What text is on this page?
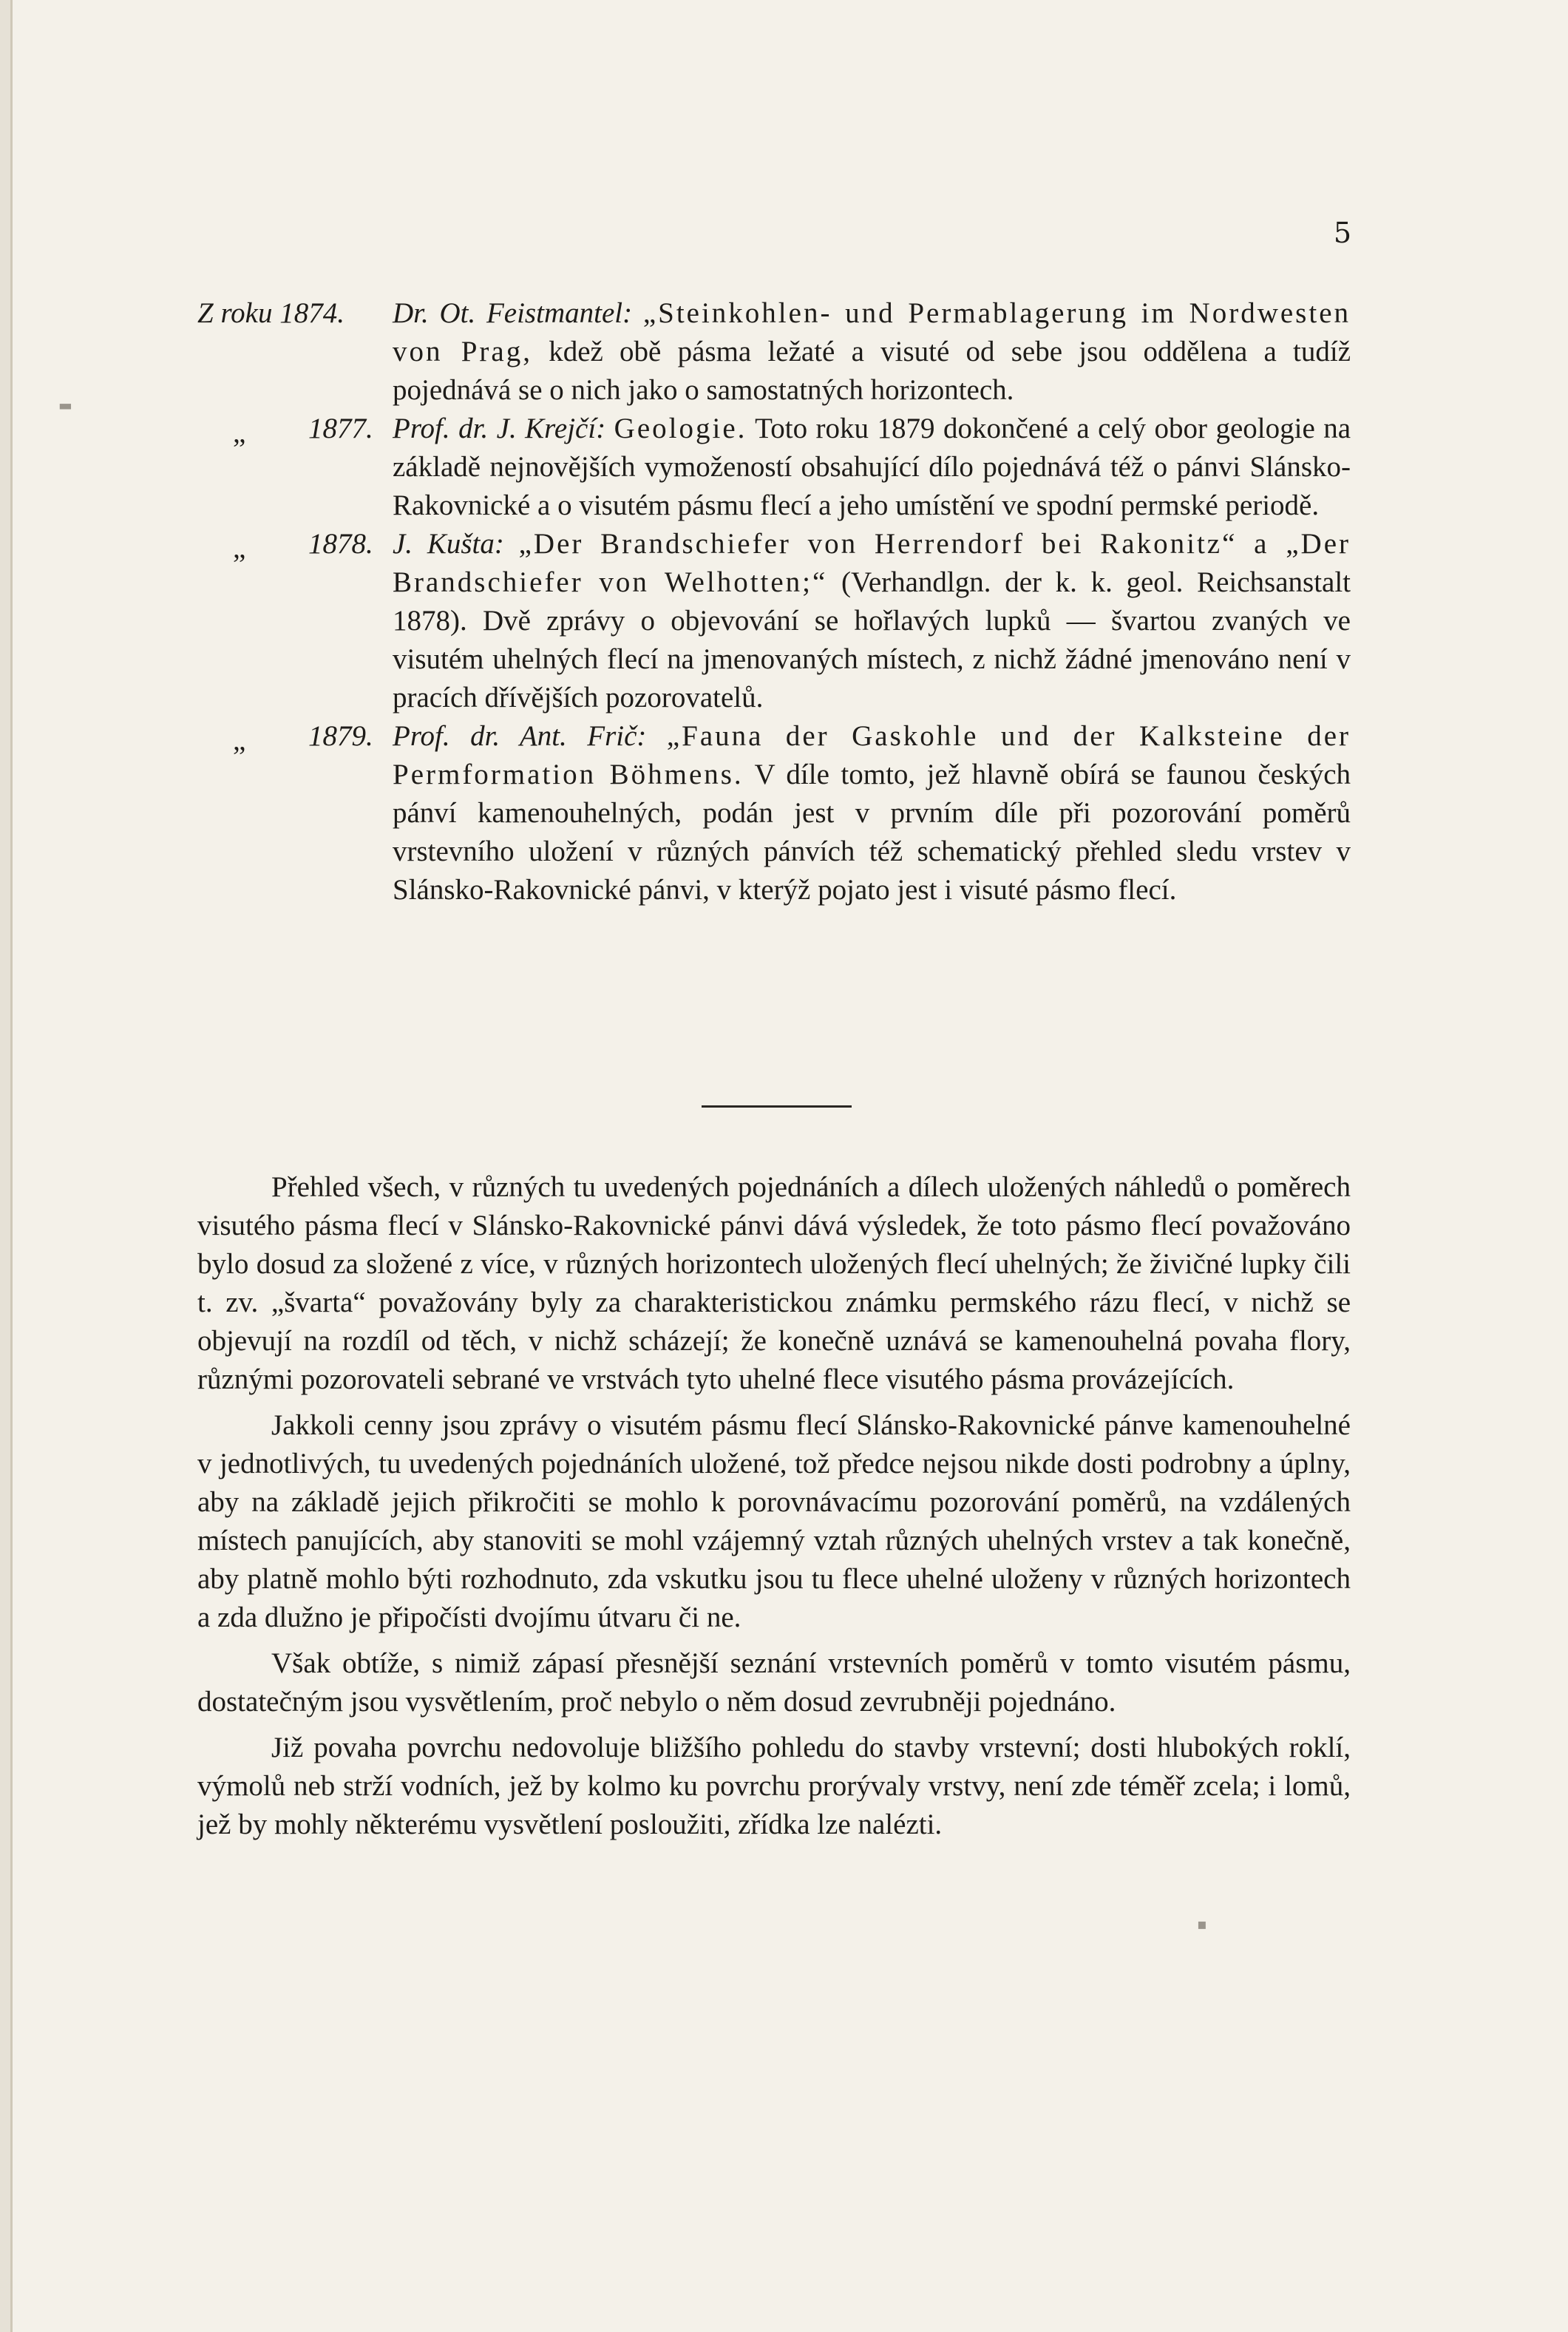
▬
▪
5
Z roku 1874.	Dr. Ot. Feistmantel: „Steinkohlen- und Permablagerung im Nordwesten von Prag, kdež obě pásma ležaté a visuté od sebe jsou oddělena a tudíž pojednává se o nich jako o samostatných horizontech.
„ 1877. Prof. dr. J. Krejčí: Geologie. Toto roku 1879 dokončené a celý obor geologie na základě nejnovějších vymožeností obsahující dílo pojednává též o pánvi Slánsko-Rakovnické a o visutém pásmu flecí a jeho umístění ve spodní permské periodě.
„ 1878. J. Kušta: „Der Brandschiefer von Herrendorf bei Rakonitz“ a „Der Brandschiefer von Welhotten;“ (Verhandlgn. der k. k. geol. Reichsanstalt 1878). Dvě zprávy o objevování se hořlavých lupků — švartou zvaných ve visutém uhelných flecí na jmenovaných místech, z nichž žádné jmenováno není v pracích dřívějších pozorovatelů.
„ 1879. Prof. dr. Ant. Frič: „Fauna der Gaskohle und der Kalksteine der Permformation Böhmens. V díle tomto, jež hlavně obírá se faunou českých pánví kamenouhelných, podán jest v prvním díle při pozorování poměrů vrstevního uložení v různých pánvích též schematický přehled sledu vrstev v Slánsko-Rakovnické pánvi, v kterýž pojato jest i visuté pásmo flecí.

Přehled všech, v různých tu uvedených pojednáních a dílech uložených náhledů o poměrech visutého pásma flecí v Slánsko-Rakovnické pánvi dává výsledek, že toto pásmo flecí považováno bylo dosud za složené z více, v různých horizontech uložených flecí uhelných; že živičné lupky čili t. zv. „švarta“ považovány byly za charakteristickou známku permského rázu flecí, v nichž se objevují na rozdíl od těch, v nichž scházejí; že konečně uznává se kamenouhelná povaha flory, různými pozorovateli sebrané ve vrstvách tyto uhelné flece visutého pásma provázejících.

Jakkoli cenny jsou zprávy o visutém pásmu flecí Slánsko-Rakovnické pánve kamenouhelné v jednotlivých, tu uvedených pojednáních uložené, tož předce nejsou nikde dosti podrobny a úplny, aby na základě jejich přikročiti se mohlo k porovnávacímu pozorování poměrů, na vzdálených místech panujících, aby stanoviti se mohl vzájemný vztah různých uhelných vrstev a tak konečně, aby platně mohlo býti rozhodnuto, zda vskutku jsou tu flece uhelné uloženy v různých horizontech a zda dlužno je připočísti dvojímu útvaru či ne.

Však obtíže, s nimiž zápasí přesnější seznání vrstevních poměrů v tomto visutém pásmu, dostatečným jsou vysvětlením, proč nebylo o něm dosud zevrubněji pojednáno.

Již povaha povrchu nedovoluje bližšího pohledu do stavby vrstevní; dosti hlubokých roklí, výmolů neb strží vodních, jež by kolmo ku povrchu prorývaly vrstvy, není zde téměř zcela; i lomů, jež by mohly některému vysvětlení posloužiti, zřídka lze nalézti.
